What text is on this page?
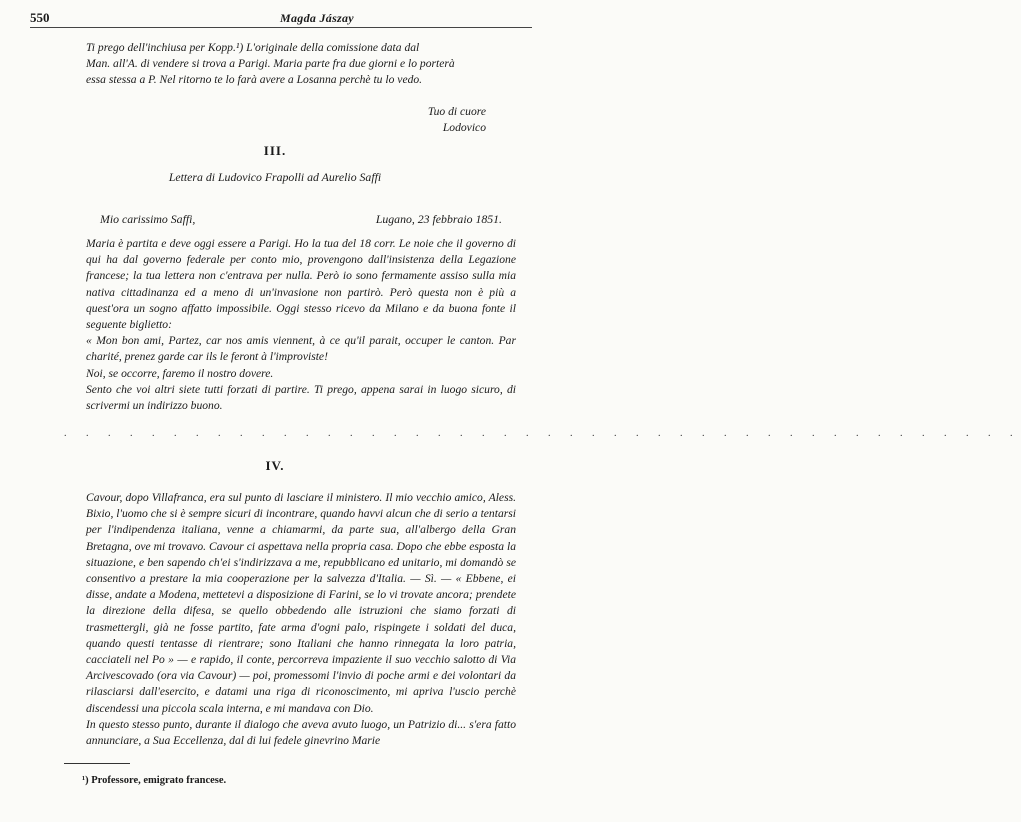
550	Magda Jászay
Ti prego dell'inchiusa per Kopp.¹) L'originale della comissione data dal
Man. all'A. di vendere si trova a Parigi. Maria parte fra due giorni e lo porterà
essa stessa a P. Nel ritorno te lo farà avere a Losanna perchè tu lo vedo.
Tuo di cuore
Lodovico
III.
Lettera di Ludovico Frapolli ad Aurelio Saffi
Mio carissimo Saffi,	Lugano, 23 febbraio 1851.

Maria è partita e deve oggi essere a Parigi. Ho la tua del 18 corr. Le noie che il governo di qui ha dal governo federale per conto mio, provengono dall'insistenza della Legazione francese; la tua lettera non c'entrava per nulla. Però io sono fermamente assiso sulla mia nativa cittadinanza ed a meno di un'invasione non partirò. Però questa non è più a quest'ora un sogno affatto impossibile. Oggi stesso ricevo da Milano e da buona fonte il seguente biglietto:

« Mon bon ami, Partez, car nos amis viennent, à ce qu'il parait, occuper le canton. Par charité, prenez garde car ils le feront à l'improviste!

Noi, se occorre, faremo il nostro dovere.

Sento che voi altri siete tutti forzati di partire. Ti prego, appena sarai in luogo sicuro, di scrivermi un indirizzo buono.

. . . . . . . . . . . . . . . . . . . . . . . . . . . . . . . . . . . . . . . . . . . .
IV.

Cavour, dopo Villafranca, era sul punto di lasciare il ministero. Il mio vecchio amico, Aless. Bixio, l'uomo che si è sempre sicuri di incontrare, quando havvi alcun che di serio a tentarsi per l'indipendenza italiana, venne a chiamarmi, da parte sua, all'albergo della Gran Bretagna, ove mi trovavo. Cavour ci aspettava nella propria casa. Dopo che ebbe esposta la situazione, e ben sapendo ch'ei s'indirizzava a me, repubblicano ed unitario, mi domandò se consentivo a prestare la mia cooperazione per la salvezza d'Italia. — Sì. — « Ebbene, ei disse, andate a Modena, mettetevi a disposizione di Farini, se lo vi trovate ancora; prendete la direzione della difesa, se quello obbedendo alle istruzioni che siamo forzati di trasmettergli, già ne fosse partito, fate arma d'ogni palo, rispingete i soldati del duca, quando questi tentasse di rientrare; sono Italiani che hanno rinnegata la loro patria, cacciateli nel Po » — e rapido, il conte, percorreva impaziente il suo vecchio salotto di Via Arcivescovado (ora via Cavour) — poi, promessomi l'invio di poche armi e dei volontari da rilasciarsi dall'esercito, e datami una riga di riconoscimento, mi apriva l'uscio perchè discendessi una piccola scala interna, e mi mandava con Dio.

In questo stesso punto, durante il dialogo che aveva avuto luogo, un Patrizio di... s'era fatto annunciare, a Sua Eccellenza, dal di lui fedele ginevrino Marie

¹) Professore, emigrato francese.
